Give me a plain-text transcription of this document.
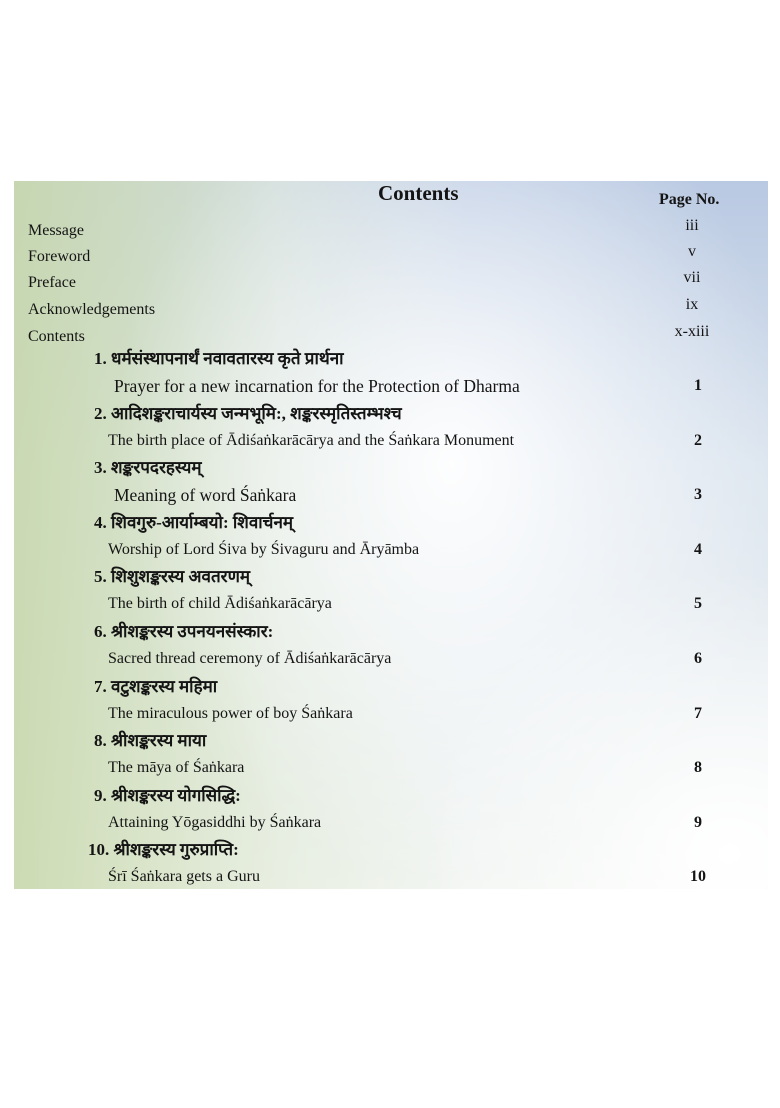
Contents	Page No.
Message	iii
Foreword	v
Preface	vii
Acknowledgements	ix
Contents	x-xiii
1. धर्मसंस्थापनार्थं नवावतारस्य कृते प्रार्थना
Prayer for a new incarnation for the Protection of Dharma	1
2. आदिशङ्कराचार्यस्य जन्मभूमि:, शङ्करस्मृतिस्तम्भश्च
The birth place of Ādiśaṅkarācārya and the Śaṅkara Monument	2
3. शङ्करपदरहस्यम्
Meaning of word Śaṅkara	3
4. शिवगुरु-आर्याम्बयो: शिवार्चनम्
Worship of Lord Śiva by Śivaguru and Āryāmba	4
5. शिशुशङ्करस्य अवतरणम्
The birth of child Ādiśaṅkarācārya	5
6. श्रीशङ्करस्य उपनयनसंस्कार:
Sacred thread ceremony of Ādiśaṅkarācārya	6
7. वटुशङ्करस्य महिमा
The miraculous power of boy Śaṅkara	7
8. श्रीशङ्करस्य माया
The māya of Śaṅkara	8
9. श्रीशङ्करस्य योगसिद्धि:
Attaining Yōgasiddhi by Śaṅkara	9
10. श्रीशङ्करस्य गुरुप्राप्ति:
Śrī Śaṅkara gets a Guru	10
